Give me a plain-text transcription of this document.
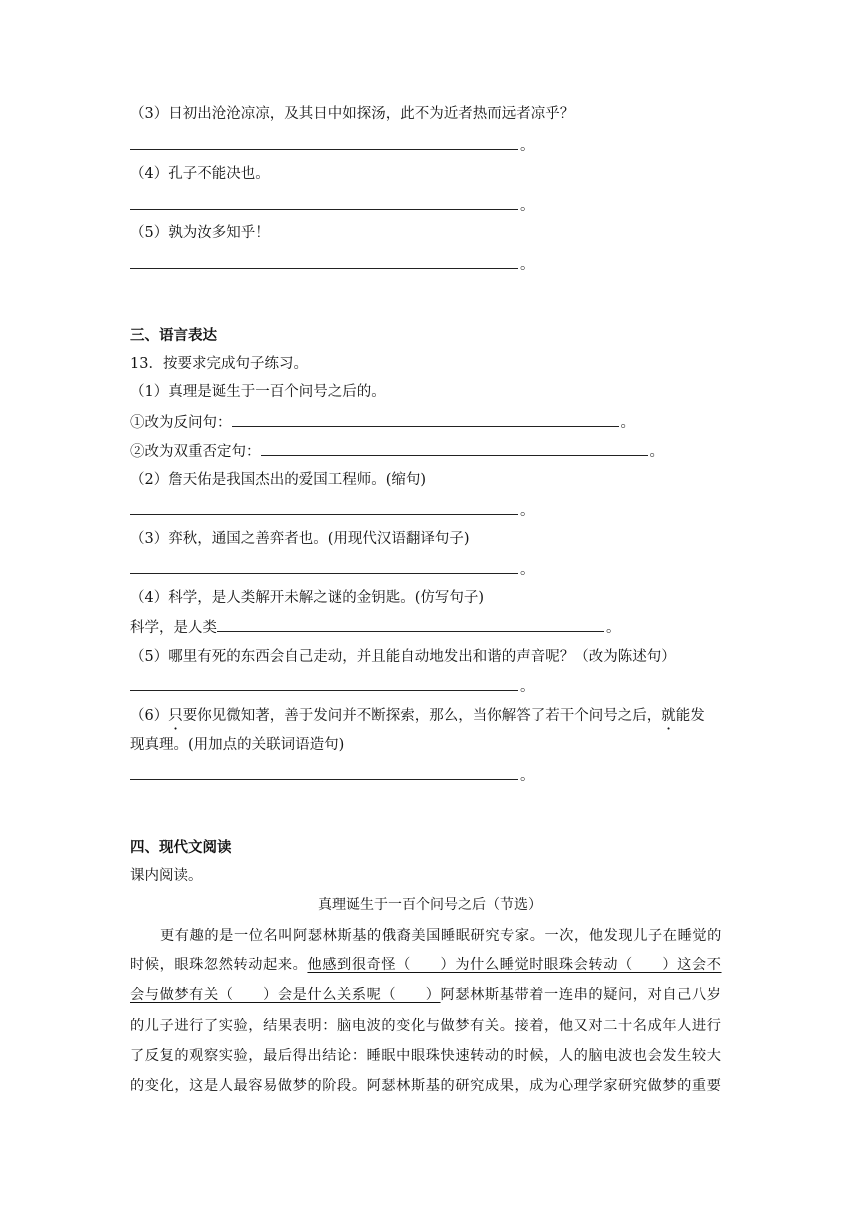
（3）日初出沧沧凉凉，及其日中如探汤，此不为近者热而远者凉乎？
。
（4）孔子不能决也。
。
（5）孰为汝多知乎！
。
三、语言表达
13．按要求完成句子练习。
（1）真理是诞生于一百个问号之后的。
①改为反问句：	。
②改为双重否定句：	。
（2）詹天佑是我国杰出的爱国工程师。(缩句)
。
（3）弈秋，通国之善弈者也。(用现代汉语翻译句子)
。
（4）科学，是人类解开未解之谜的金钥匙。(仿写句子)
科学，是人类	。
（5）哪里有死的东西会自己走动，并且能自动地发出和谐的声音呢？（改为陈述句）
。
（6）只要你见微知著，善于发问并不断探索，那么，当你解答了若干个问号之后，就能发
现真理。(用加点的关联词语造句)
。
四、现代文阅读
课内阅读。
真理诞生于一百个问号之后（节选）
更有趣的是一位名叫阿瑟林斯基的俄裔美国睡眠研究专家。一次，他发现儿子在睡觉的
时候，眼珠忽然转动起来。他感到很奇怪（　　）为什么睡觉时眼珠会转动（　　）这会不
会与做梦有关（　　）会是什么关系呢（　　）阿瑟林斯基带着一连串的疑问，对自己八岁
的儿子进行了实验，结果表明：脑电波的变化与做梦有关。接着，他又对二十名成年人进行
了反复的观察实验，最后得出结论：睡眠中眼珠快速转动的时候，人的脑电波也会发生较大
的变化，这是人最容易做梦的阶段。阿瑟林斯基的研究成果，成为心理学家研究做梦的重要
